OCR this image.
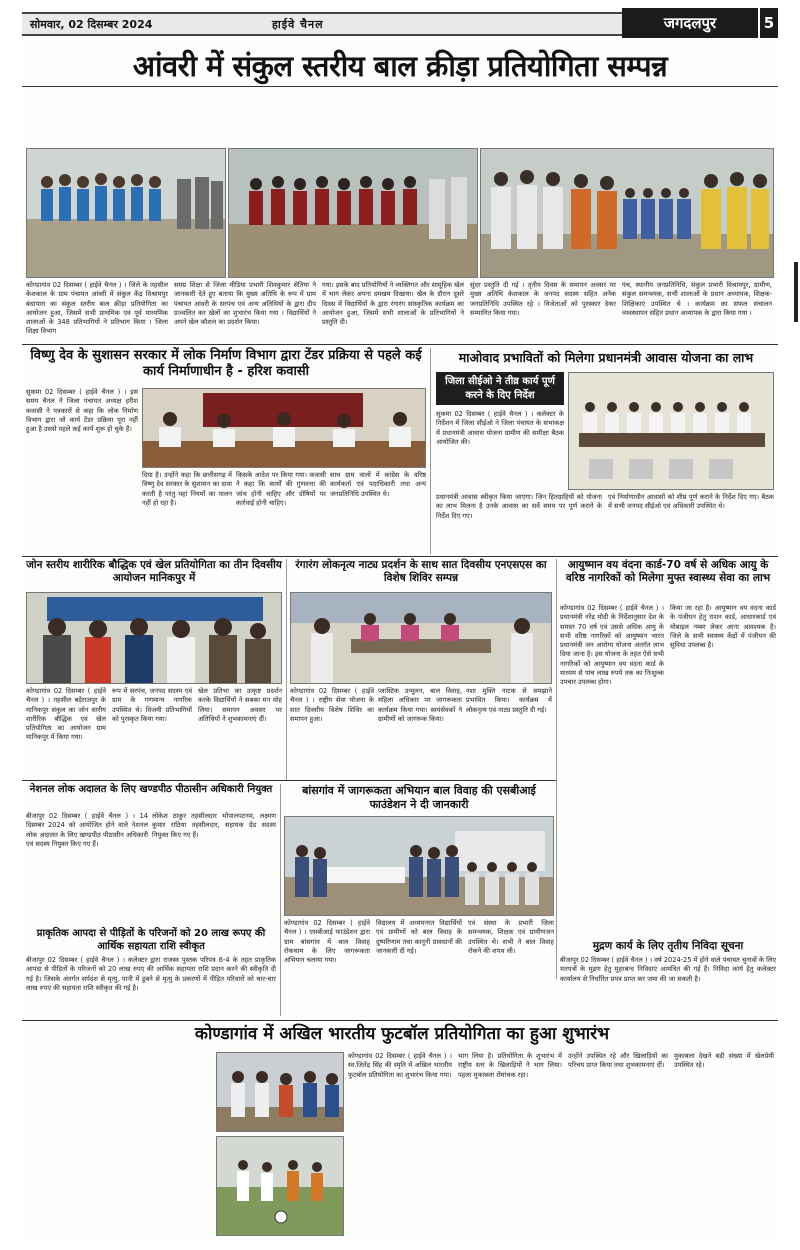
सोमवार, 02 दिसम्बर 2024	हाईवे चैनल	जगदलपुर	5
आंवरी में संकुल स्तरीय बाल क्रीड़ा प्रतियोगिता सम्पन्न
कोण्डागांव 02 दिसम्बर ( हाईवे चैनल ) । जिले के तहसील केशकाल के ग्राम पंचायत आंवरी में संकुल केंद्र विश्रामपुर बंधापारा का संकुल स्तरीय बाल क्रीड़ा प्रतियोगिता का आयोजन हुआ, जिसमें सभी प्राथमिक एवं पूर्व माध्यमिक शालाओं के 348 प्रतिभागियों ने प्रतिभाग किया । जिला शिक्षा विभाग
समग्र शिक्षा से जिला मीडिया प्रभारी शिवकुमार सेतिया ने जानकारी देते हुए बताया कि मुख्य अतिथि के रूप में ग्राम पंचायत आंवरी के सरपंच एवं अन्य अतिथियों के द्वारा दीप प्रज्वलित कर खेलों का शुभारंभ किया गया । विद्यार्थियों ने अपने खेल कौशल का प्रदर्शन किया।
गया। इसके बाद प्रतियोगियों ने व्यक्तिगत और सामूहिक खेल में भाग लेकर अपना दमखम दिखाया। खेल के दौरान दूसरे दिवस में विद्यार्थियों के द्वारा रंगारंग सांस्कृतिक कार्यक्रम का आयोजन हुआ, जिसमें सभी शालाओं के प्रतिभागियों ने प्रस्तुति दी।
सुंदर प्रस्तुति दी गई । तृतीय दिवस के समापन अवसर पर मुख्य अतिथि केशकाल के जनपद सदस्य सहित अनेक जनप्रतिनिधि उपस्थित रहे । विजेताओं को पुरस्कार देकर सम्मानित किया गया।
पंच, स्थानीय जनप्रतिनिधि, संकुल प्रभारी विश्रामपुर, ग्रामीण, संकुल समन्वयक, सभी शालाओं के प्रधान अध्यापक, शिक्षक-शिक्षिकाएं उपस्थित थे । कार्यक्रम का सफल संचालन व्यवस्थापन सहित प्रधान अध्यापक के द्वारा किया गया ।
विष्णु देव के सुशासन सरकार में लोक निर्माण विभाग द्वारा टेंडर प्रक्रिया से पहले कई कार्य निर्माणाधीन है - हरिश कवासी
सुकमा 02 दिसम्बर ( हाईवे चैनल ) । इस समय चैनल ने जिला पंचायत अध्यक्ष हरीश कवासी ने पत्रकारों से कहा कि लोक निर्माण विभाग द्वारा जो कार्य टेंडर प्रक्रिया पूरा नहीं हुआ है उससे पहले कई कार्य शुरू हो चुके हैं।
दिया है। उन्होंने कहा कि छत्तीसगढ़ में विष्णु देव सरकार के सुशासन का दावा करती है परंतु यहां नियमों का पालन नहीं हो रहा है।
किसके आदेश पर किया गया। कवासी ने कहा कि कार्यों की गुणवत्ता की जांच होनी चाहिए और दोषियों पर कार्रवाई होनी चाहिए।
साथ ग्राम वालों में कांग्रेस के वरिष्ठ कार्यकर्ता एवं पदाधिकारी तथा अन्य जनप्रतिनिधि उपस्थित थे।
माओवाद प्रभावितों को मिलेगा प्रधानमंत्री आवास योजना का लाभ
जिला सीईओ ने तीव्र कार्य पूर्ण करने के दिए निर्देश
सुकमा 02 दिसम्बर ( हाईवे चैनल ) । कलेक्टर के निर्देशन में जिला सीईओ ने जिला पंचायत के सभाकक्ष में प्रधानमंत्री आवास योजना ग्रामीण की समीक्षा बैठक आयोजित की।
प्रधानमंत्री आवास स्वीकृत किया जाएगा। जिन हितग्राहियों को योजना का लाभ मिलना है उनके आवास का सर्वे समय पर पूर्ण कराने के निर्देश दिए गए।
एवं निर्माणाधीन आवासों को शीघ्र पूर्ण कराने के निर्देश दिए गए। बैठक में सभी जनपद सीईओ एवं अधिकारी उपस्थित थे।
जोन स्तरीय शारीरिक बौद्धिक एवं खेल प्रतियोगिता का तीन दिवसीय आयोजन मानिकपुर में
कोण्डागांव 02 दिसम्बर ( हाईवे चैनल ) । तहसील बड़ेराजपुर के मानिकपुर संकुल का जोन स्तरीय शारीरिक बौद्धिक एवं खेल प्रतियोगिता का आयोजन ग्राम मानिकपुर में किया गया।
रूप में सरपंच, जनपद सदस्य एवं ग्राम के गणमान्य नागरिक उपस्थित थे। विजयी प्रतिभागियों को पुरस्कृत किया गया।
खेल प्रतिभा का उत्कृष्ट प्रदर्शन करके विद्यार्थियों ने सबका मन मोह लिया। समापन अवसर पर अतिथियों ने शुभकामनाएं दीं।
रंगारंग लोकनृत्य नाट्य प्रदर्शन के साथ सात दिवसीय एनएसएस का विशेष शिविर सम्पन्न
कोण्डागांव 02 दिसम्बर ( हाईवे चैनल ) । राष्ट्रीय सेवा योजना के सात दिवसीय विशेष शिविर का समापन हुआ।
प्लास्टिक उन्मूलन, बाल विवाह, महिला अधिकार पर जागरूकता कार्यक्रम किया गया। स्वयंसेवकों ने ग्रामीणों को जागरूक किया।
नशा मुक्ति नाटक से समझाने प्रभावित किया। कार्यक्रम में लोकनृत्य एवं नाट्य प्रस्तुति दी गई।
आयुष्मान वय वंदना कार्ड-70 वर्ष से अधिक आयु के वरिष्ठ नागरिकों को मिलेगा मुफ्त स्वास्थ्य सेवा का लाभ
कोण्डागांव 02 दिसम्बर ( हाईवे चैनल ) । प्रधानमंत्री नरेंद्र मोदी के निर्देशानुसार देश के समस्त 70 वर्ष एवं उससे अधिक आयु के सभी वरिष्ठ नागरिकों को आयुष्मान भारत प्रधानमंत्री जन आरोग्य योजना अंतर्गत लाभ दिया जाना है। इस योजना के तहत ऐसे सभी नागरिकों को आयुष्मान वय वंदना कार्ड के माध्यम से पांच लाख रुपये तक का निःशुल्क उपचार उपलब्ध होगा।
किया जा रहा है। आयुष्मान वय वंदना कार्ड के पंजीयन हेतु राशन कार्ड, आधारकार्ड एवं मोबाइल नम्बर लेकर आना आवश्यक है। जिले के सभी स्वास्थ्य केंद्रों में पंजीयन की सुविधा उपलब्ध है।
मुद्रण कार्य के लिए तृतीय निविदा सूचना
बीजापुर 02 दिसम्बर ( हाईवे चैनल ) । वर्ष 2024-25 में होने वाले पंचायत चुनावों के लिए मतपत्रों के मुद्रण हेतु मुहरबन्द निविदाएं आमंत्रित की गई हैं। निविदा कार्य हेतु कलेक्टर कार्यालय से निर्धारित प्रपत्र प्राप्त कर जमा की जा सकती है।
नेशनल लोक अदालत के लिए खण्डपीठ पीठासीन अधिकारी नियुक्त
बीजापुर 02 दिसम्बर ( हाईवे चैनल ) । 14 दिसम्बर 2024 को आयोजित होने वाले नेशनल लोक अदालत के लिए खण्डपीठ पीठासीन अधिकारी एवं सदस्य नियुक्त किए गए हैं।
लोकेश ठाकुर तहसीलदार भोपालपटनम, लक्ष्मण कुमार राठिया तहसीलदार, सहायक ग्रेड सदस्य नियुक्त किए गए हैं।
प्राकृतिक आपदा से पीड़ितों के परिजनों को 20 लाख रूपए की आर्थिक सहायता राशि स्वीकृत
बीजापुर 02 दिसम्बर ( हाईवे चैनल ) । कलेक्टर द्वारा राजस्व पुस्तक परिपत्र 6-4 के तहत प्राकृतिक आपदा से पीड़ितों के परिजनों को 20 लाख रुपए की आर्थिक सहायता राशि प्रदान करने की स्वीकृति दी गई है। जिसके अंतर्गत सर्पदंश से मृत्यु, पानी में डूबने से मृत्यु के प्रकरणों में पीड़ित परिवारों को चार-चार लाख रुपए की सहायता राशि स्वीकृत की गई है।
बांसगांव में जागरूकता अभियान बाल विवाह की एसबीआई फाउंडेशन ने दी जानकारी
कोण्डागांव 02 दिसम्बर ( हाईवे चैनल ) । एसबीआई फाउंडेशन द्वारा ग्राम बांसगांव में बाल विवाह रोकथाम के लिए जागरूकता अभियान चलाया गया।
विद्यालय में अध्ययनरत विद्यार्थियों एवं ग्रामीणों को बाल विवाह के दुष्परिणाम तथा कानूनी प्रावधानों की जानकारी दी गई।
एवं संस्था के प्रभारी जिला समन्वयक, शिक्षक एवं ग्रामीणजन उपस्थित थे। सभी ने बाल विवाह रोकने की शपथ ली।
कोण्डागांव में अखिल भारतीय फुटबॉल प्रतियोगिता का हुआ शुभारंभ
कोण्डागांव 02 दिसम्बर ( हाईवे चैनल ) । स्व.जितेंद्र सिंह की स्मृति में अखिल भारतीय फुटबॉल प्रतियोगिता का शुभारंभ किया गया।
भाग लिया है। प्रतियोगिता के शुभारंभ में राष्ट्रीय स्तर के खिलाड़ियों ने भाग लिया। पहला मुकाबला रोमांचक रहा।
उन्होंने उपस्थित रहे और खिलाड़ियों का परिचय प्राप्त किया तथा शुभकामनाएं दीं।
मुकाबला देखने बड़ी संख्या में खेलप्रेमी उपस्थित रहे।
